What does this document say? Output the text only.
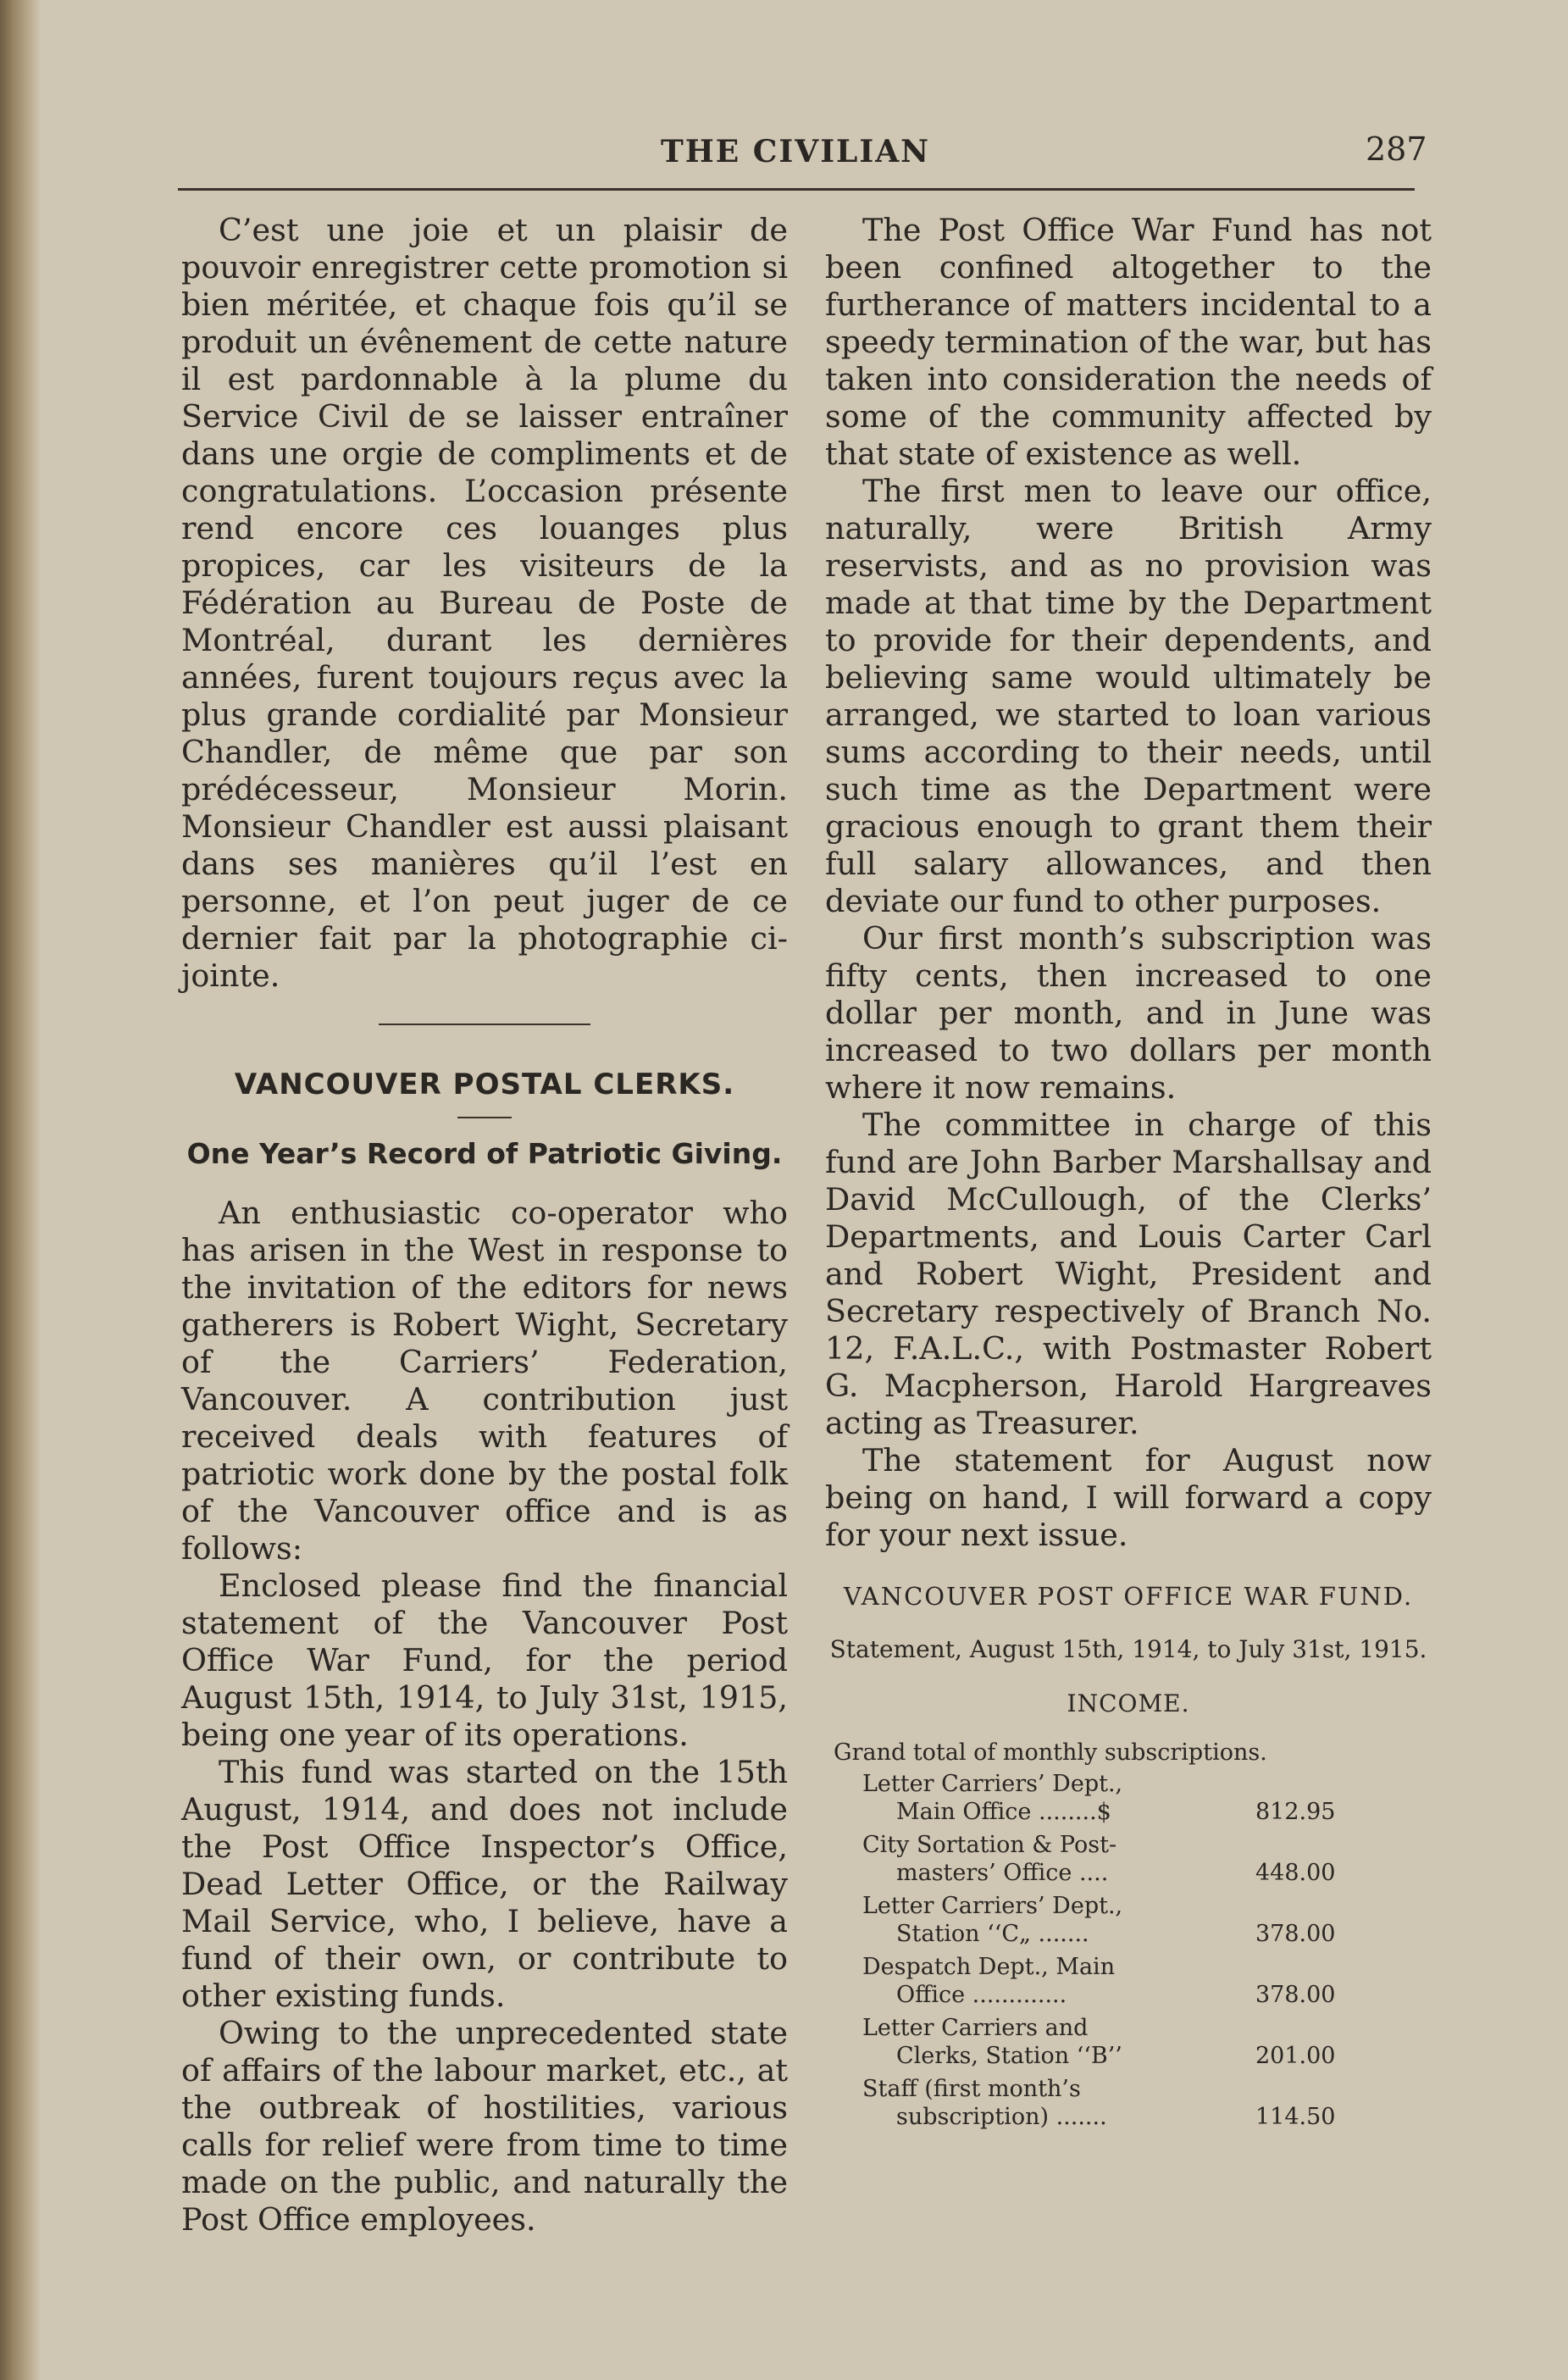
THE CIVILIAN	287

C’est une joie et un plaisir de pouvoir enregistrer cette promotion si bien méritée, et chaque fois qu’il se produit un évênement de cette nature il est pardonnable à la plume du Service Civil de se laisser entraîner dans une orgie de compliments et de congratulations. L’occasion présente rend encore ces louanges plus propices, car les visiteurs de la Fédération au Bureau de Poste de Montréal, durant les dernières années, furent toujours reçus avec la plus grande cordialité par Monsieur Chandler, de même que par son prédécesseur, Monsieur Morin. Monsieur Chandler est aussi plaisant dans ses manières qu’il l’est en personne, et l’on peut juger de ce dernier fait par la photographie ci-jointe.

VANCOUVER POSTAL CLERKS.
One Year’s Record of Patriotic Giving.

An enthusiastic co-operator who has arisen in the West in response to the invitation of the editors for news gatherers is Robert Wight, Secretary of the Carriers’ Federation, Vancouver. A contribution just received deals with features of patriotic work done by the postal folk of the Vancouver office and is as follows:

Enclosed please find the financial statement of the Vancouver Post Office War Fund, for the period August 15th, 1914, to July 31st, 1915, being one year of its operations.

This fund was started on the 15th August, 1914, and does not include the Post Office Inspector’s Office, Dead Letter Office, or the Railway Mail Service, who, I believe, have a fund of their own, or contribute to other existing funds.

Owing to the unprecedented state of affairs of the labour market, etc., at the outbreak of hostilities, various calls for relief were from time to time made on the public, and naturally the Post Office employees.

The Post Office War Fund has not been confined altogether to the furtherance of matters incidental to a speedy termination of the war, but has taken into consideration the needs of some of the community affected by that state of existence as well.

The first men to leave our office, naturally, were British Army reservists, and as no provision was made at that time by the Department to provide for their dependents, and believing same would ultimately be arranged, we started to loan various sums according to their needs, until such time as the Department were gracious enough to grant them their full salary allowances, and then deviate our fund to other purposes.

Our first month’s subscription was fifty cents, then increased to one dollar per month, and in June was increased to two dollars per month where it now remains.

The committee in charge of this fund are John Barber Marshallsay and David McCullough, of the Clerks’ Departments, and Louis Carter Carl and Robert Wight, President and Secretary respectively of Branch No. 12, F.A.L.C., with Postmaster Robert G. Macpherson, Harold Hargreaves acting as Treasurer.

The statement for August now being on hand, I will forward a copy for your next issue.

VANCOUVER POST OFFICE WAR FUND.
Statement, August 15th, 1914, to July 31st, 1915.
INCOME.
Grand total of monthly subscriptions.
Letter Carriers’ Dept.,
Main Office ........$	812.95
City Sortation & Post-
masters’ Office ....	448.00
Letter Carriers’ Dept.,
Station ‘‘C„ .......	378.00
Despatch Dept., Main
Office .............	378.00
Letter Carriers and
Clerks, Station ‘‘B’’	201.00
Staff (first month’s
subscription) .......	114.50
